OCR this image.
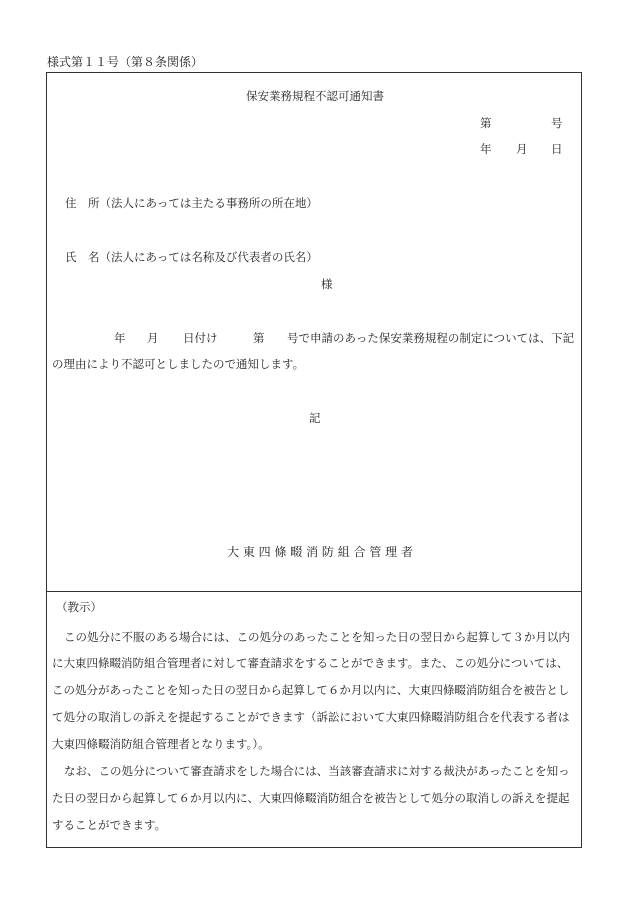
様式第１１号（第８条関係）
保安業務規程不認可通知書
第	号
年 月 日
住　所（法人にあっては主たる事務所の所在地）
氏　名（法人にあっては名称及び代表者の氏名）
様
年 月 日付け	第 号で申請のあった保安業務規程の制定については、下記
の理由により不認可としましたので通知します。
記
大 東 四 條 畷 消 防 組 合 管 理 者
（教示）
この処分に不服のある場合には、この処分のあったことを知った日の翌日から起算して３か月以内
に大東四條畷消防組合管理者に対して審査請求をすることができます。また、この処分については、
この処分があったことを知った日の翌日から起算して６か月以内に、大東四條畷消防組合を被告とし
て処分の取消しの訴えを提起することができます（訴訟において大東四條畷消防組合を代表する者は
大東四條畷消防組合管理者となります。）。
なお、この処分について審査請求をした場合には、当該審査請求に対する裁決があったことを知っ
た日の翌日から起算して６か月以内に、大東四條畷消防組合を被告として処分の取消しの訴えを提起
することができます。
